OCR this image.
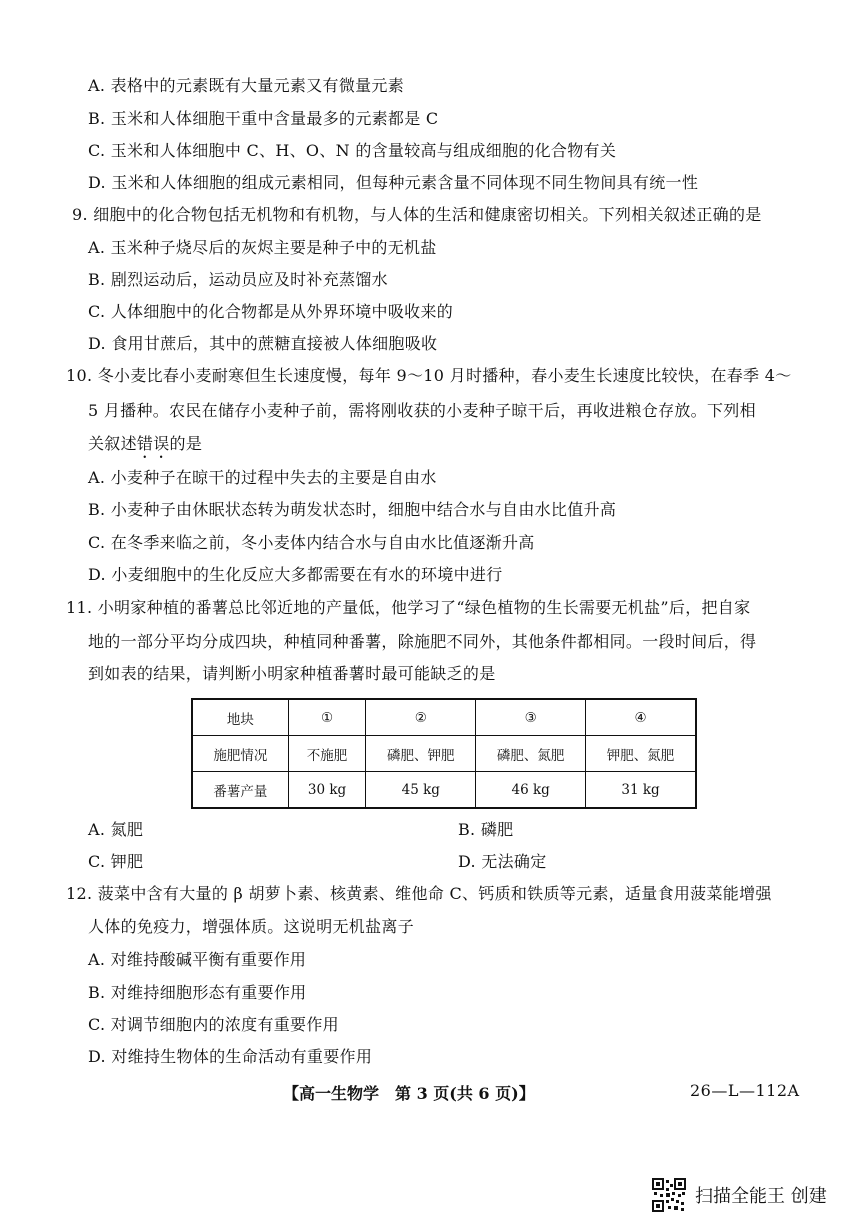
A. 表格中的元素既有大量元素又有微量元素
B. 玉米和人体细胞干重中含量最多的元素都是 C
C. 玉米和人体细胞中 C、H、O、N 的含量较高与组成细胞的化合物有关
D. 玉米和人体细胞的组成元素相同，但每种元素含量不同体现不同生物间具有统一性
9. 细胞中的化合物包括无机物和有机物，与人体的生活和健康密切相关。下列相关叙述正确的是
A. 玉米种子烧尽后的灰烬主要是种子中的无机盐
B. 剧烈运动后，运动员应及时补充蒸馏水
C. 人体细胞中的化合物都是从外界环境中吸收来的
D. 食用甘蔗后，其中的蔗糖直接被人体细胞吸收
10. 冬小麦比春小麦耐寒但生长速度慢，每年 9～10 月时播种，春小麦生长速度比较快，在春季 4～
5 月播种。农民在储存小麦种子前，需将刚收获的小麦种子晾干后，再收进粮仓存放。下列相
关叙述错误的是
A. 小麦种子在晾干的过程中失去的主要是自由水
B. 小麦种子由休眠状态转为萌发状态时，细胞中结合水与自由水比值升高
C. 在冬季来临之前，冬小麦体内结合水与自由水比值逐渐升高
D. 小麦细胞中的生化反应大多都需要在有水的环境中进行
11. 小明家种植的番薯总比邻近地的产量低，他学习了“绿色植物的生长需要无机盐”后，把自家
地的一部分平均分成四块，种植同种番薯，除施肥不同外，其他条件都相同。一段时间后，得
到如表的结果，请判断小明家种植番薯时最可能缺乏的是
地块	①	②	③	④
施肥情况	不施肥	磷肥、钾肥	磷肥、氮肥	钾肥、氮肥
番薯产量	30 kg	45 kg	46 kg	31 kg
A. 氮肥	B. 磷肥
C. 钾肥	D. 无法确定
12. 菠菜中含有大量的 β 胡萝卜素、核黄素、维他命 C、钙质和铁质等元素，适量食用菠菜能增强
人体的免疫力，增强体质。这说明无机盐离子
A. 对维持酸碱平衡有重要作用
B. 对维持细胞形态有重要作用
C. 对调节细胞内的浓度有重要作用
D. 对维持生物体的生命活动有重要作用
【高一生物学　第 3 页(共 6 页)】	26—L—112A
扫描全能王 创建
